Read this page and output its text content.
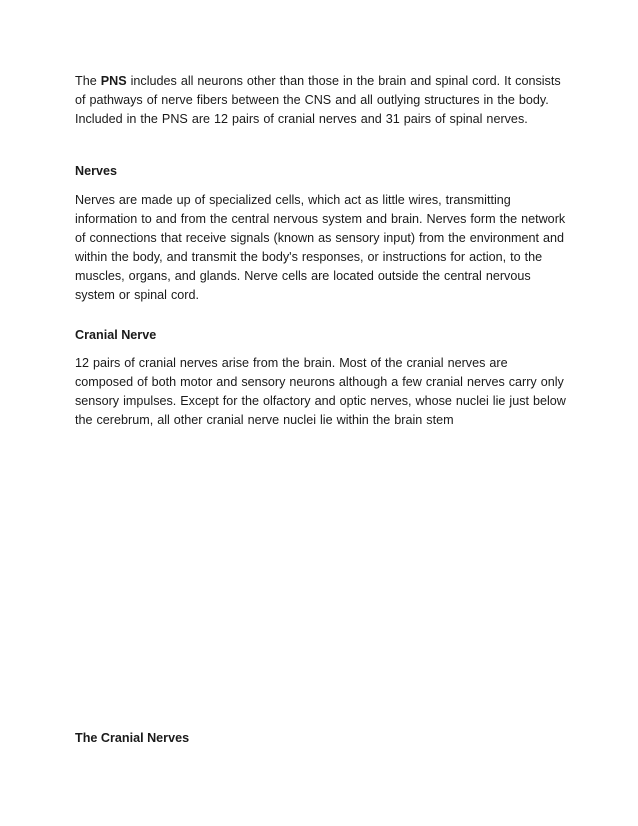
The PNS includes all neurons other than those in the brain and spinal cord. It consists of pathways of nerve fibers between the CNS and all outlying structures in the body. Included in the PNS are 12 pairs of cranial nerves and 31 pairs of spinal nerves.

Nerves

Nerves are made up of specialized cells, which act as little wires, transmitting information to and from the central nervous system and brain. Nerves form the network of connections that receive signals (known as sensory input) from the environment and within the body, and transmit the body's responses, or instructions for action, to the muscles, organs, and glands. Nerve cells are located outside the central nervous system or spinal cord.

Cranial Nerve

12 pairs of cranial nerves arise from the brain. Most of the cranial nerves are composed of both motor and sensory neurons although a few cranial nerves carry only sensory impulses. Except for the olfactory and optic nerves, whose nuclei lie just below the cerebrum, all other cranial nerve nuclei lie within the brain stem

The Cranial Nerves
